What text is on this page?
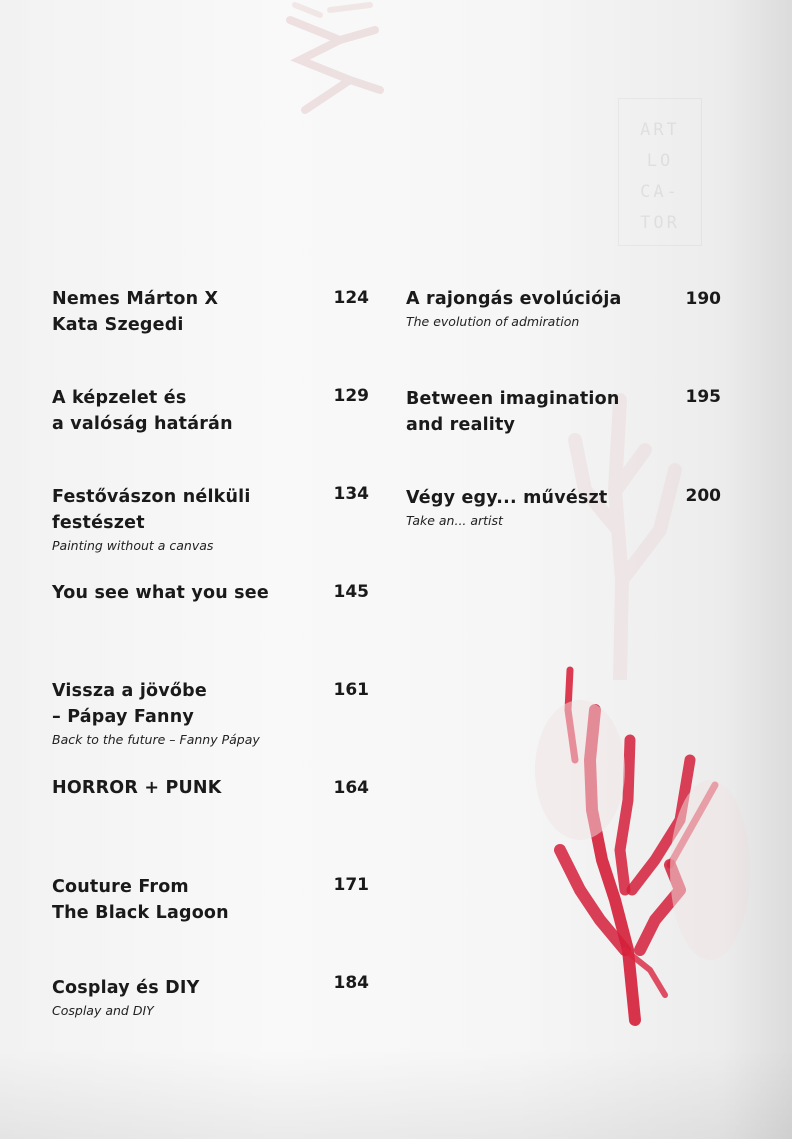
ART
LO
CA-
TOR
Nemes Márton X
Kata Szegedi
124
A képzelet és
a valóság határán
129
Festővászon nélküli
festészet
Painting without a canvas
134
You see what you see	145
Vissza a jövőbe
– Pápay Fanny
Back to the future – Fanny Pápay
161
HORROR + PUNK	164
Couture From
The Black Lagoon
171
Cosplay és DIY
Cosplay and DIY
184
A rajongás evolúciója
The evolution of admiration
190
Between imagination
and reality
195
Végy egy... művészt
Take an... artist
200
